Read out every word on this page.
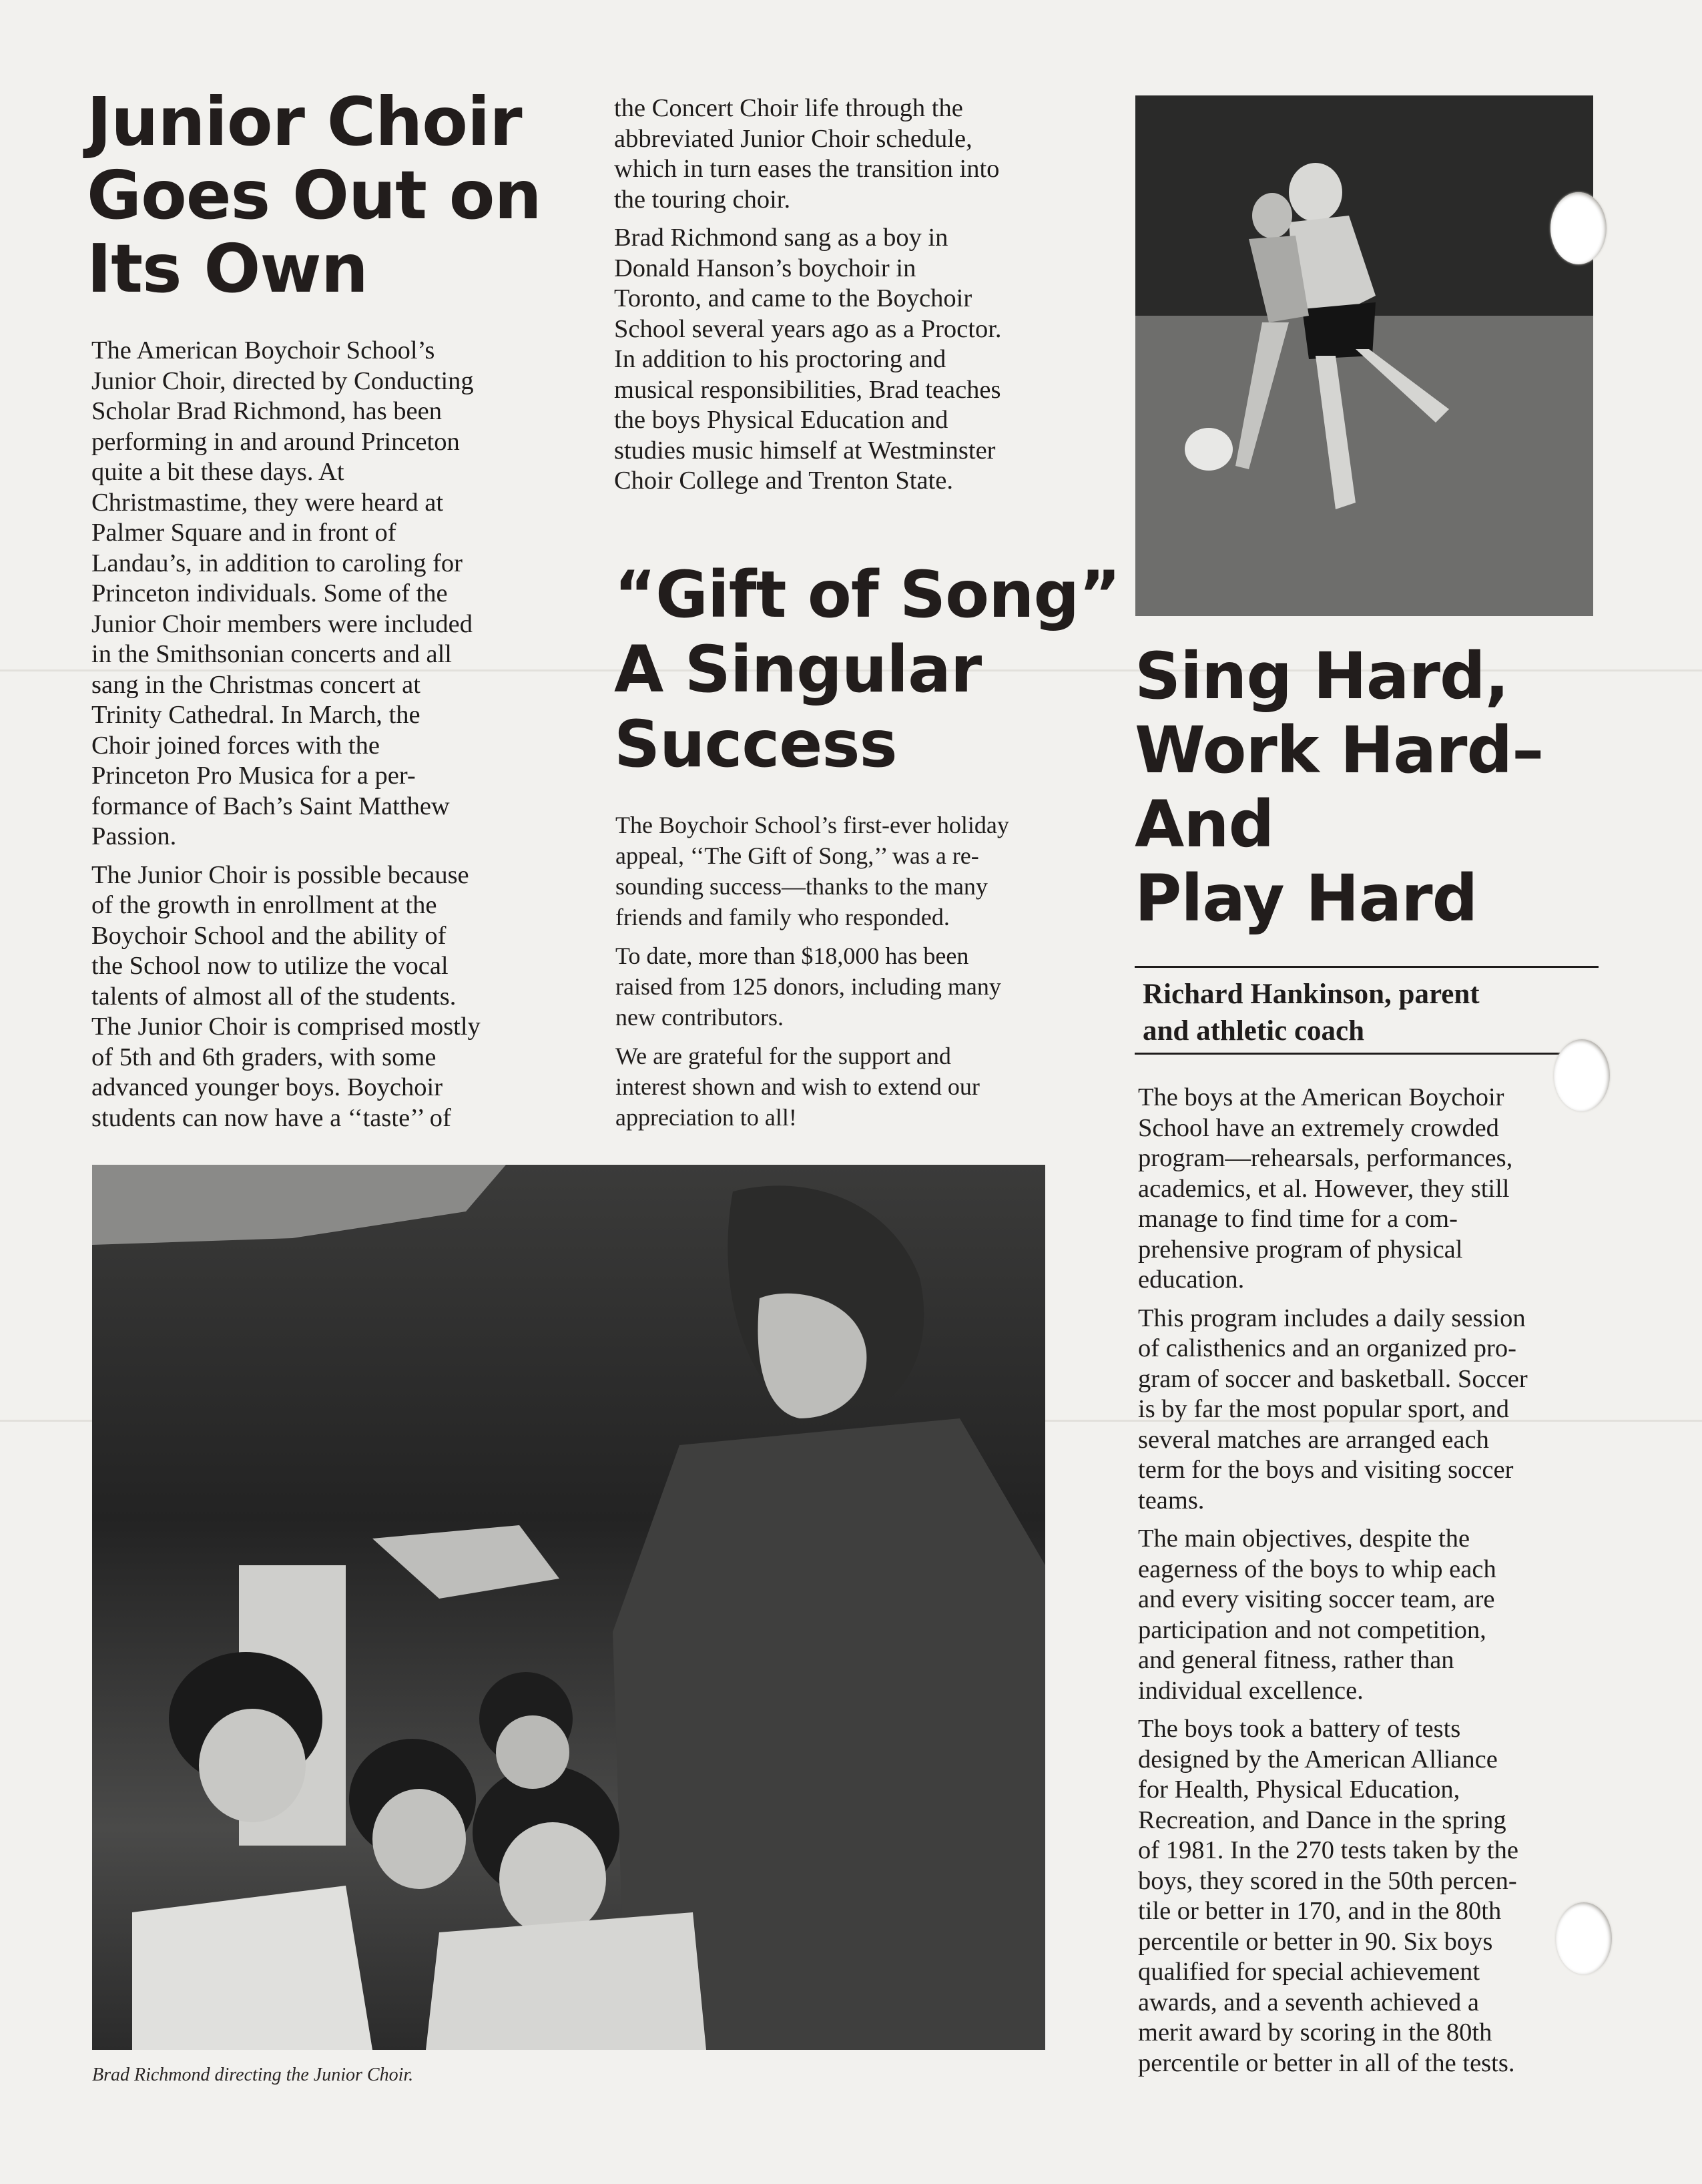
Junior Choir
Goes Out on
Its Own

The American Boychoir School’s
Junior Choir, directed by Conducting
Scholar Brad Richmond, has been
performing in and around Princeton
quite a bit these days. At
Christmastime, they were heard at
Palmer Square and in front of
Landau’s, in addition to caroling for
Princeton individuals. Some of the
Junior Choir members were included
in the Smithsonian concerts and all
sang in the Christmas concert at
Trinity Cathedral. In March, the
Choir joined forces with the
Princeton Pro Musica for a per-
formance of Bach’s Saint Matthew
Passion.

The Junior Choir is possible because
of the growth in enrollment at the
Boychoir School and the ability of
the School now to utilize the vocal
talents of almost all of the students.
The Junior Choir is comprised mostly
of 5th and 6th graders, with some
advanced younger boys. Boychoir
students can now have a ‘‘taste’’ of

the Concert Choir life through the
abbreviated Junior Choir schedule,
which in turn eases the transition into
the touring choir.

Brad Richmond sang as a boy in
Donald Hanson’s boychoir in
Toronto, and came to the Boychoir
School several years ago as a Proctor.
In addition to his proctoring and
musical responsibilities, Brad teaches
the boys Physical Education and
studies music himself at Westminster
Choir College and Trenton State.

“Gift of Song”
A Singular
Success

The Boychoir School’s first-ever holiday
appeal, ‘‘The Gift of Song,’’ was a re-
sounding success—thanks to the many
friends and family who responded.

To date, more than $18,000 has been
raised from 125 donors, including many
new contributors.

We are grateful for the support and
interest shown and wish to extend our
appreciation to all!

Sing Hard,
Work Hard–
And
Play Hard
Richard Hankinson, parent
and athletic coach

The boys at the American Boychoir
School have an extremely crowded
program—rehearsals, performances,
academics, et al. However, they still
manage to find time for a com-
prehensive program of physical
education.

This program includes a daily session
of calisthenics and an organized pro-
gram of soccer and basketball. Soccer
is by far the most popular sport, and
several matches are arranged each
term for the boys and visiting soccer
teams.

The main objectives, despite the
eagerness of the boys to whip each
and every visiting soccer team, are
participation and not competition,
and general fitness, rather than
individual excellence.

The boys took a battery of tests
designed by the American Alliance
for Health, Physical Education,
Recreation, and Dance in the spring
of 1981. In the 270 tests taken by the
boys, they scored in the 50th percen-
tile or better in 170, and in the 80th
percentile or better in 90. Six boys
qualified for special achievement
awards, and a seventh achieved a
merit award by scoring in the 80th
percentile or better in all of the tests.

Brad Richmond directing the Junior Choir.
